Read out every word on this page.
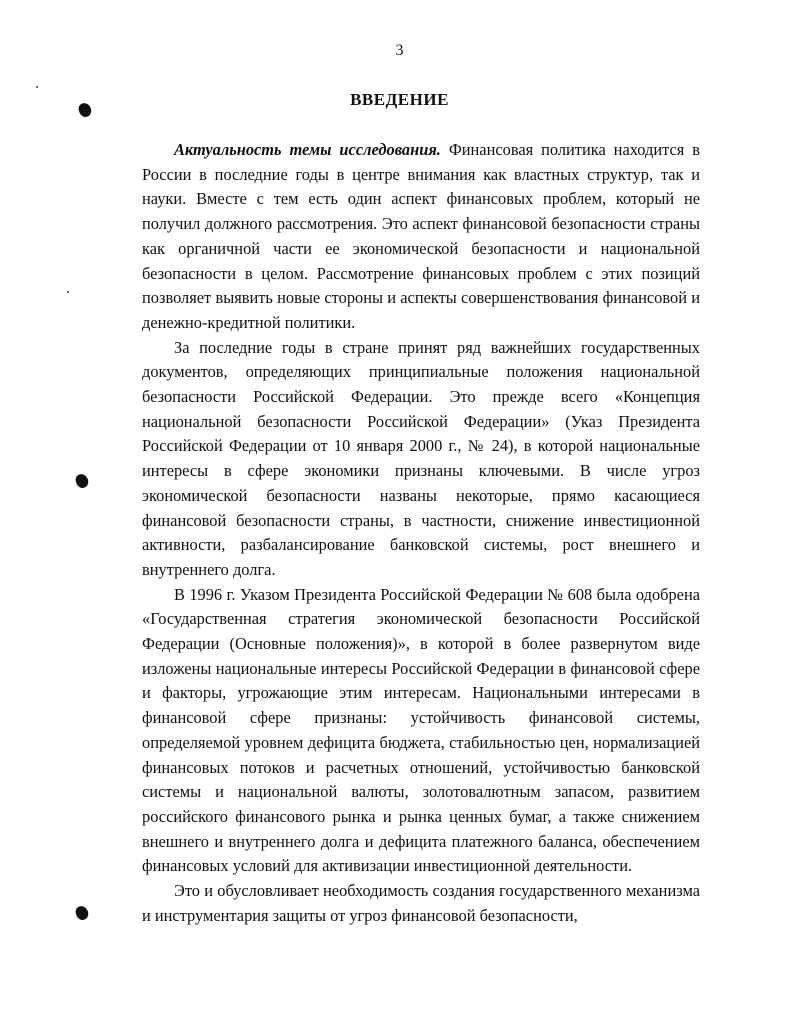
3
ВВЕДЕНИЕ

Актуальность темы исследования. Финансовая политика находится в России в последние годы в центре внимания как властных структур, так и науки. Вместе с тем есть один аспект финансовых проблем, который не получил должного рассмотрения. Это аспект финансовой безопасности страны как органичной части ее экономической безопасности и национальной безопасности в целом. Рассмотрение финансовых проблем с этих позиций позволяет выявить новые стороны и аспекты совершенствования финансовой и денежно-кредитной политики.

За последние годы в стране принят ряд важнейших государственных документов, определяющих принципиальные положения национальной безопасности Российской Федерации. Это прежде всего «Концепция национальной безопасности Российской Федерации» (Указ Президента Российской Федерации от 10 января 2000 г., № 24), в которой национальные интересы в сфере экономики признаны ключевыми. В числе угроз экономической безопасности названы некоторые, прямо касающиеся финансовой безопасности страны, в частности, снижение инвестиционной активности, разбалансирование банковской системы, рост внешнего и внутреннего долга.

В 1996 г. Указом Президента Российской Федерации № 608 была одобрена «Государственная стратегия экономической безопасности Российской Федерации (Основные положения)», в которой в более развернутом виде изложены национальные интересы Российской Федерации в финансовой сфере и факторы, угрожающие этим интересам. Национальными интересами в финансовой сфере признаны: устойчивость финансовой системы, определяемой уровнем дефицита бюджета, стабильностью цен, нормализацией финансовых потоков и расчетных отношений, устойчивостью банковской системы и национальной валюты, золотовалютным запасом, развитием российского финансового рынка и рынка ценных бумаг, а также снижением внешнего и внутреннего долга и дефицита платежного баланса, обеспечением финансовых условий для активизации инвестиционной деятельности.

Это и обусловливает необходимость создания государственного механизма и инструментария защиты от угроз финансовой безопасности,
